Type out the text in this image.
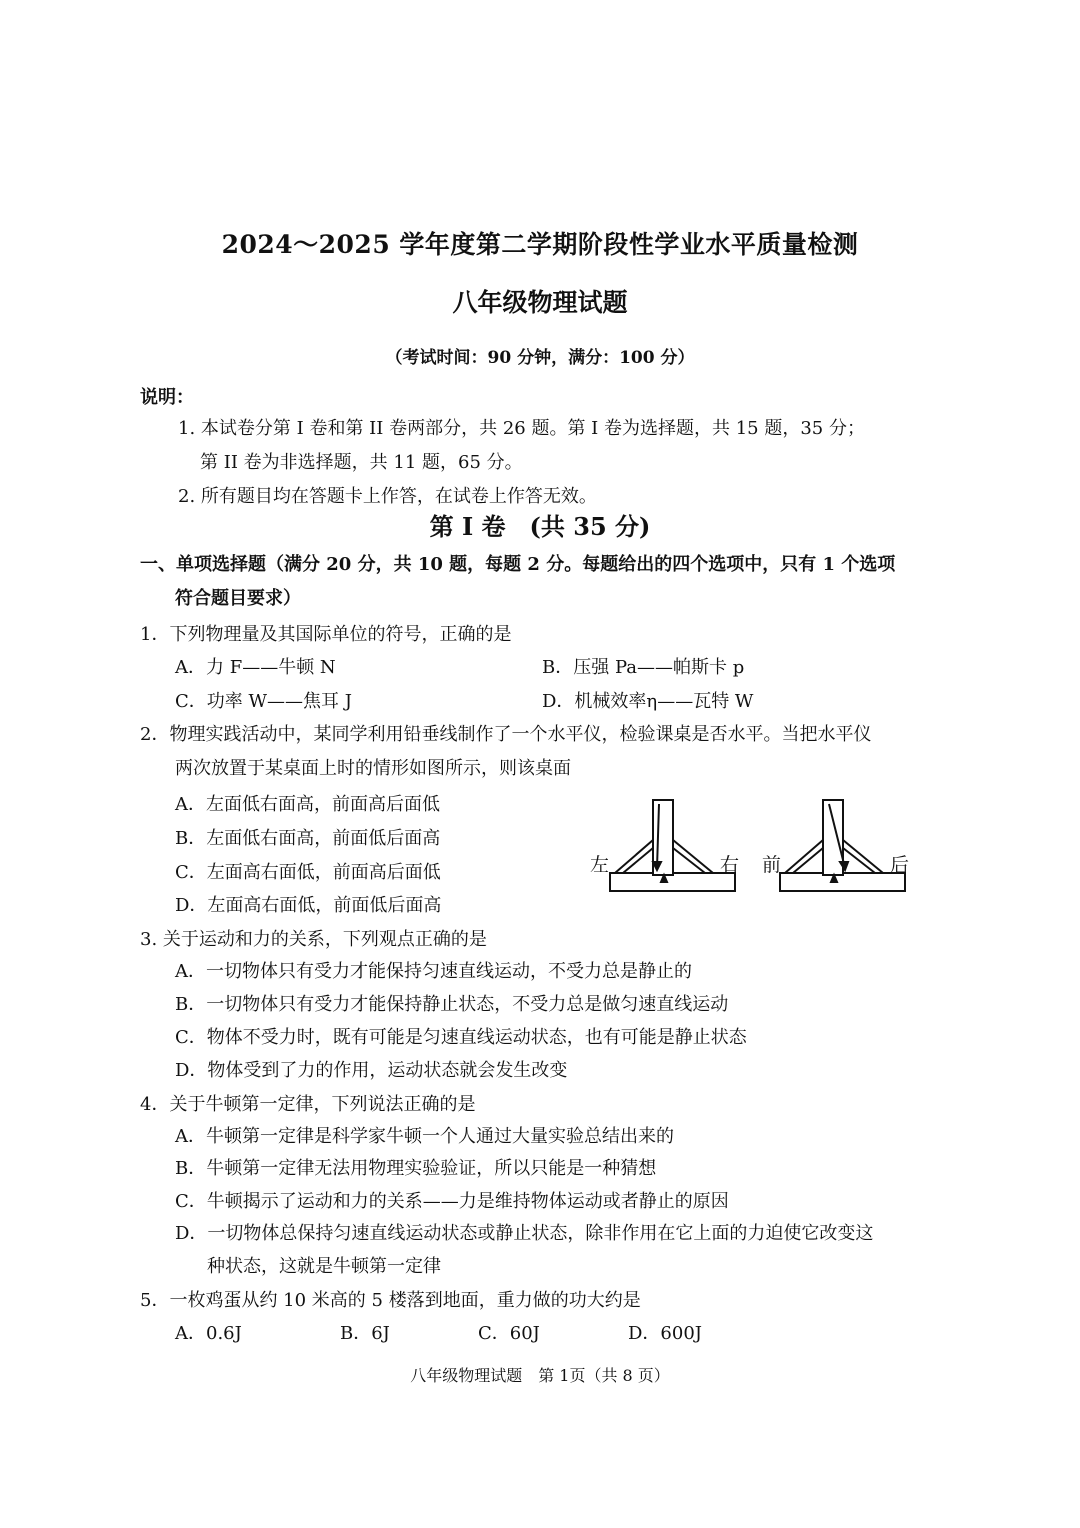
2024～2025 学年度第二学期阶段性学业水平质量检测
八年级物理试题
（考试时间：90 分钟，满分：100 分）
说明：
1. 本试卷分第 I 卷和第 II 卷两部分，共 26 题。第 I 卷为选择题，共 15 题，35 分；
第 II 卷为非选择题，共 11 题，65 分。
2. 所有题目均在答题卡上作答，在试卷上作答无效。
第 I 卷　(共 35 分)
一、单项选择题（满分 20 分，共 10 题，每题 2 分。每题给出的四个选项中，只有 1 个选项
符合题目要求）
1．下列物理量及其国际单位的符号，正确的是
A．力 F——牛顿 N	B．压强 Pa——帕斯卡 p
C．功率 W——焦耳 J	D．机械效率η——瓦特 W
2．物理实践活动中，某同学利用铅垂线制作了一个水平仪，检验课桌是否水平。当把水平仪
两次放置于某桌面上时的情形如图所示，则该桌面
A．左面低右面高，前面高后面低
B．左面低右面高，前面低后面高
C．左面高右面低，前面高后面低
D．左面高右面低，前面低后面高
左	右 前	后
3. 关于运动和力的关系，下列观点正确的是
A．一切物体只有受力才能保持匀速直线运动，不受力总是静止的
B．一切物体只有受力才能保持静止状态，不受力总是做匀速直线运动
C．物体不受力时，既有可能是匀速直线运动状态，也有可能是静止状态
D．物体受到了力的作用，运动状态就会发生改变
4．关于牛顿第一定律，下列说法正确的是
A．牛顿第一定律是科学家牛顿一个人通过大量实验总结出来的
B．牛顿第一定律无法用物理实验验证，所以只能是一种猜想
C．牛顿揭示了运动和力的关系——力是维持物体运动或者静止的原因
D．一切物体总保持匀速直线运动状态或静止状态，除非作用在它上面的力迫使它改变这
种状态，这就是牛顿第一定律
5．一枚鸡蛋从约 10 米高的 5 楼落到地面，重力做的功大约是
A．0.6J	B．6J	C．60J	D．600J
八年级物理试题　第 1页（共 8 页）
